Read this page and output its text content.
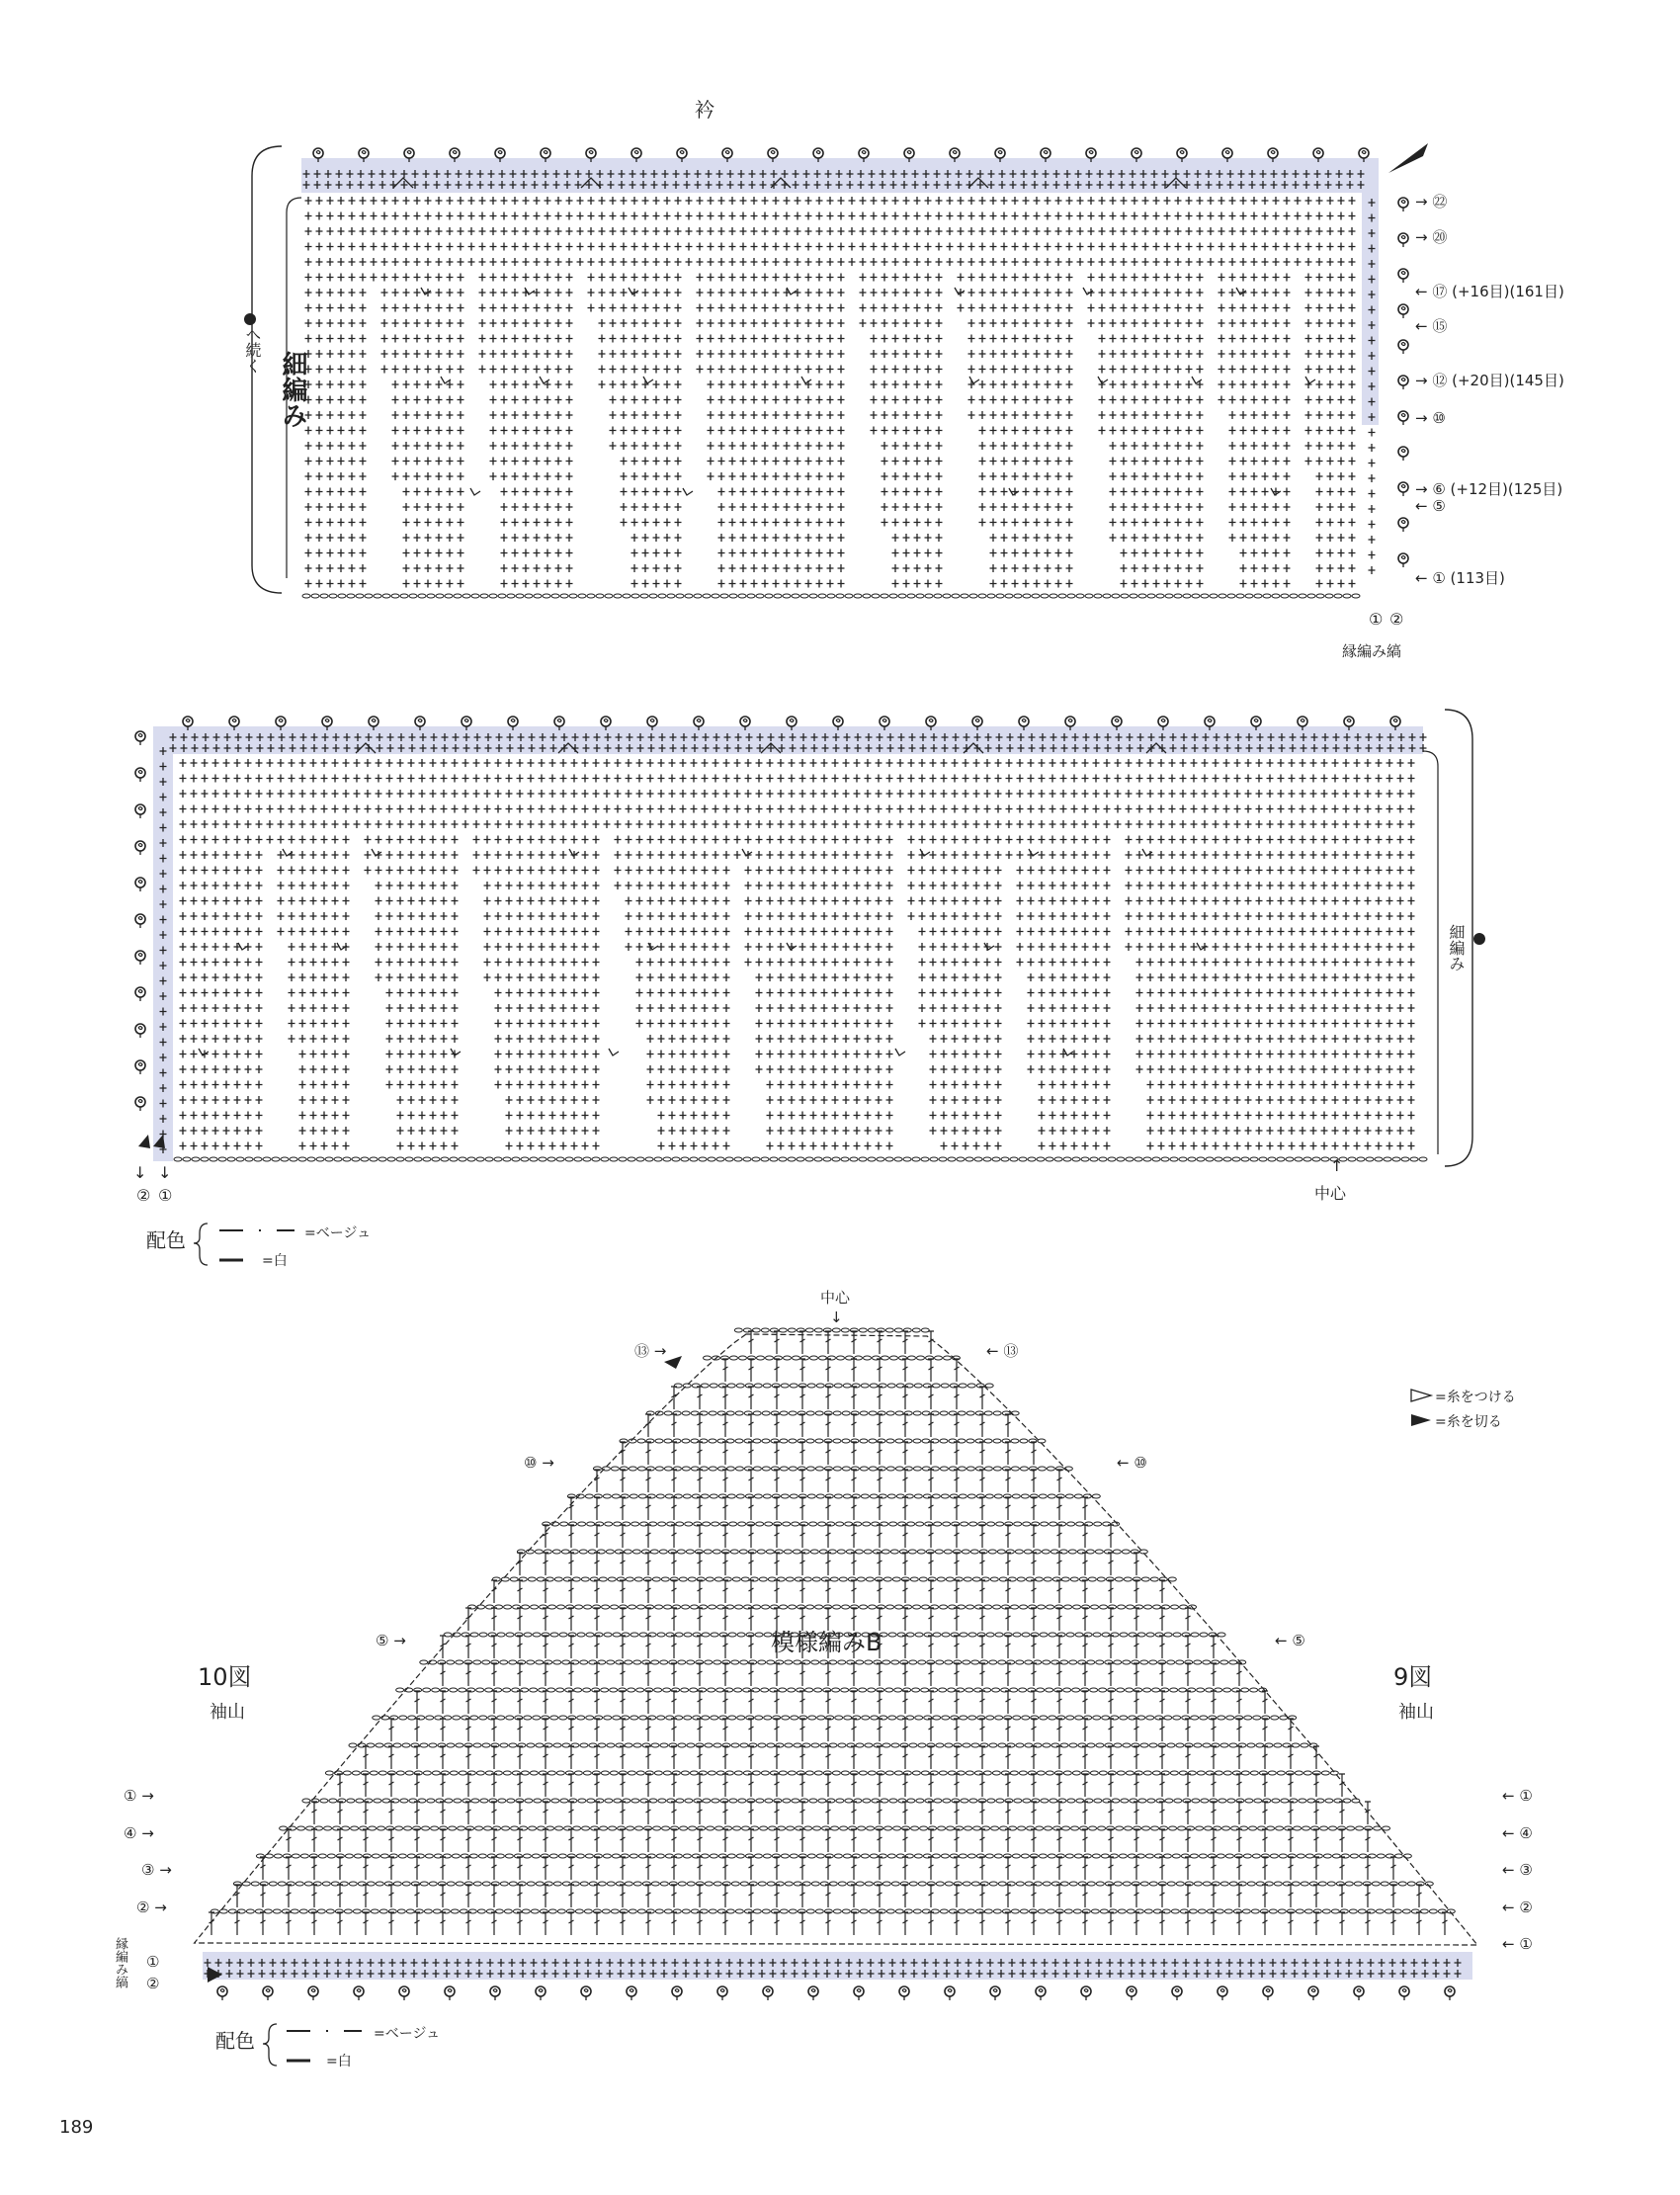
衿
→ ㉒
→ ⑳
← ⑰ (+16目)(161目)
← ⑮
→ ⑫ (+20目)(145目)
→ ⑩
→ ⑥ (+12目)(125目)
← ⑤
← ① (113目)
① ②
縁編み縞
↓ ↓
② ①
↑
中心
配色	=ベージュ
=白
中心
↓
模様編みB
10図
袖山
9図
袖山
⑬ →
⑩ →
⑤ →
① →
④ →
③ →
② →
← ⑬
← ⑩
← ⑤
← ①
← ④
← ③
← ②
← ①
①
②
=糸をつける
=糸を切る
配色	=ベージュ
=白
189
細編み
へ続く
細編み
縁編み縞
